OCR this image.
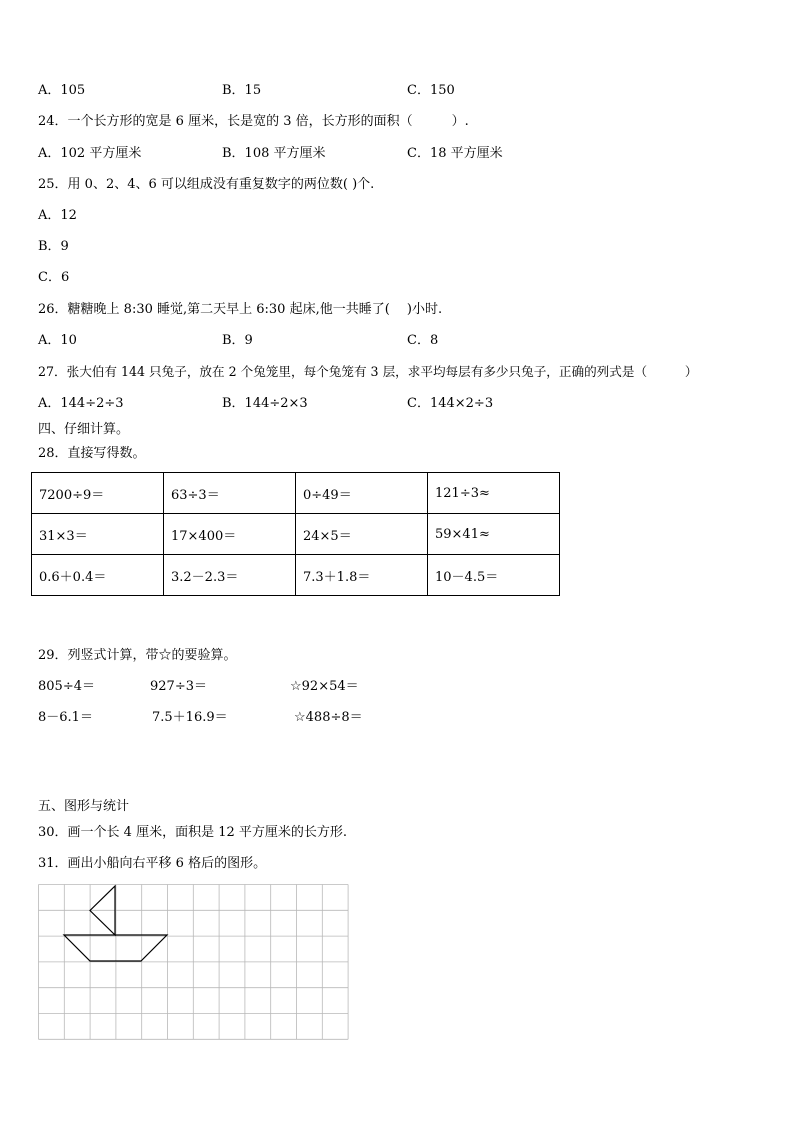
A．105	B．15	C．150
24．一个长方形的宽是 6 厘米，长是宽的 3 倍，长方形的面积（　　　）.
A．102 平方厘米	B．108 平方厘米	C．18 平方厘米
25．用 0、2、4、6 可以组成没有重复数字的两位数( )个.
A．12
B．9
C．6
26．糖糖晚上 8:30 睡觉,第二天早上 6:30 起床,他一共睡了(　 )小时.
A．10	B．9	C．8
27．张大伯有 144 只兔子，放在 2 个兔笼里，每个兔笼有 3 层，求平均每层有多少只兔子，正确的列式是（　　　）
A．144÷2÷3	B．144÷2×3	C．144×2÷3
四、仔细计算。
28．直接写得数。
7200÷9＝	63÷3＝	0÷49＝	121÷3≈
31×3＝	17×400＝	24×5＝	59×41≈
0.6＋0.4＝	3.2－2.3＝	7.3＋1.8＝	10－4.5＝
29．列竖式计算，带☆的要验算。
805÷4＝	927÷3＝	☆92×54＝
8－6.1＝	7.5＋16.9＝	☆488÷8＝
五、图形与统计
30．画一个长 4 厘米，面积是 12 平方厘米的长方形.
31．画出小船向右平移 6 格后的图形。
